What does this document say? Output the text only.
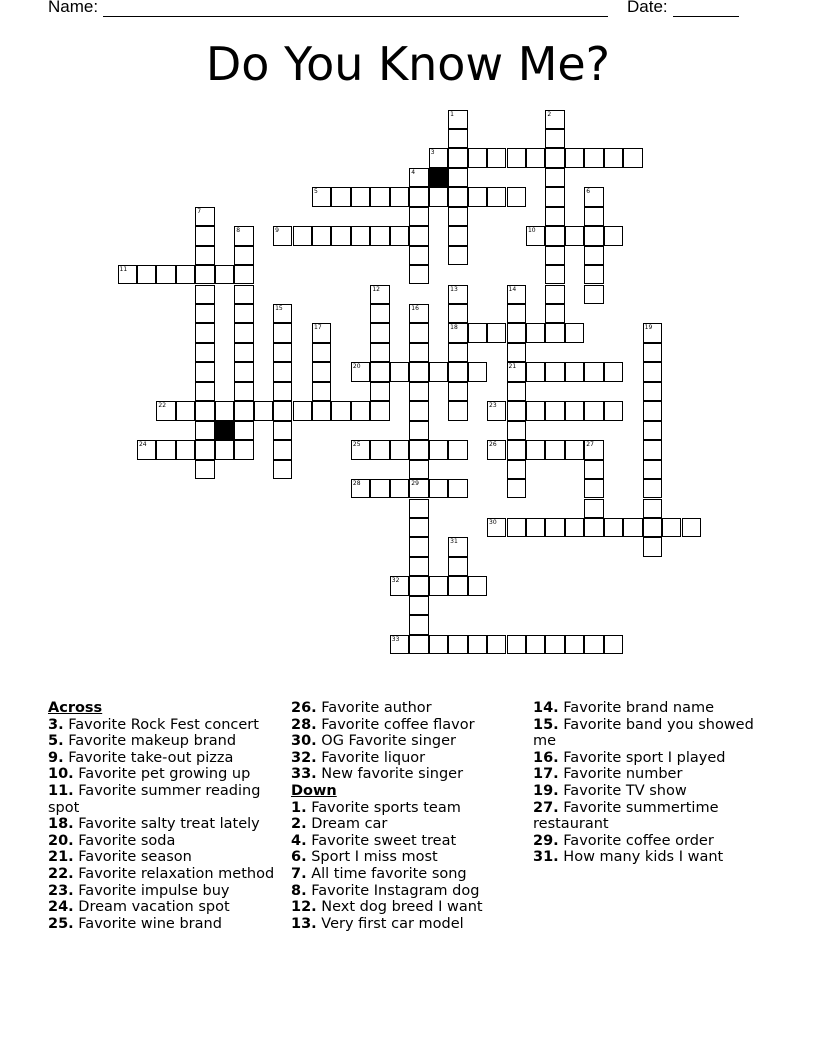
Name:	Date:
Do You Know Me?
1	2
3
4
5	6
7
8	9	10
11
12	13
18
14
21
15	16
17	19
20
22	23
24	25	26	27
28	29
30
31
32
33
Across
3. Favorite Rock Fest concert
5. Favorite makeup brand
9. Favorite take-out pizza
10. Favorite pet growing up
11. Favorite summer reading spot
18. Favorite salty treat lately
20. Favorite soda
21. Favorite season
22. Favorite relaxation method
23. Favorite impulse buy
24. Dream vacation spot
25. Favorite wine brand
26. Favorite author
28. Favorite coffee flavor
30. OG Favorite singer
32. Favorite liquor
33. New favorite singer
Down
1. Favorite sports team
2. Dream car
4. Favorite sweet treat
6. Sport I miss most
7. All time favorite song
8. Favorite Instagram dog
12. Next dog breed I want
13. Very first car model
14. Favorite brand name
15. Favorite band you showed me
16. Favorite sport I played
17. Favorite number
19. Favorite TV show
27. Favorite summertime restaurant
29. Favorite coffee order
31. How many kids I want
